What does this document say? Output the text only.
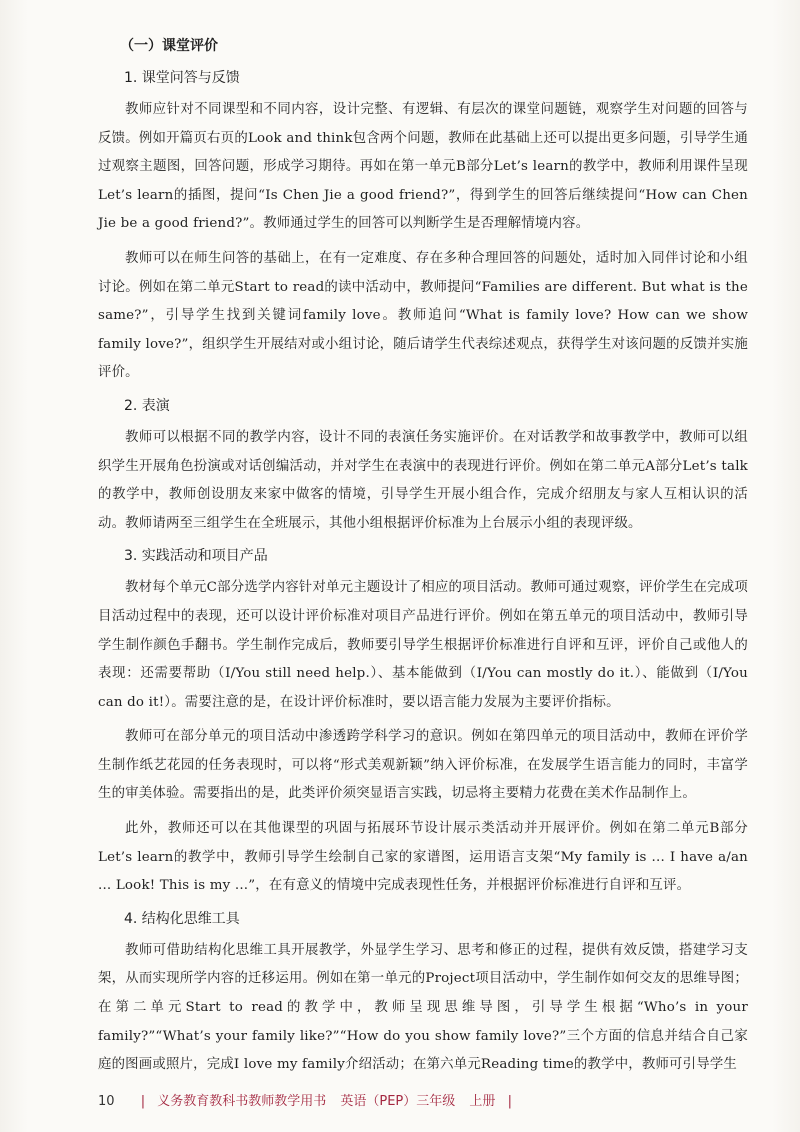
（一）课堂评价
1. 课堂问答与反馈

教师应针对不同课型和不同内容，设计完整、有逻辑、有层次的课堂问题链，观察学生对问题的回答与反馈。例如开篇页右页的Look and think包含两个问题，教师在此基础上还可以提出更多问题，引导学生通过观察主题图，回答问题，形成学习期待。再如在第一单元B部分Let’s learn的教学中，教师利用课件呈现Let’s learn的插图，提问“Is Chen Jie a good friend?”，得到学生的回答后继续提问“How can Chen Jie be a good friend?”。教师通过学生的回答可以判断学生是否理解情境内容。

教师可以在师生问答的基础上，在有一定难度、存在多种合理回答的问题处，适时加入同伴讨论和小组讨论。例如在第二单元Start to read的读中活动中，教师提问“Families are different. But what is the same?”，引导学生找到关键词family love。教师追问“What is family love? How can we show family love?”，组织学生开展结对或小组讨论，随后请学生代表综述观点，获得学生对该问题的反馈并实施评价。

2. 表演

教师可以根据不同的教学内容，设计不同的表演任务实施评价。在对话教学和故事教学中，教师可以组织学生开展角色扮演或对话创编活动，并对学生在表演中的表现进行评价。例如在第二单元A部分Let’s talk的教学中，教师创设朋友来家中做客的情境，引导学生开展小组合作，完成介绍朋友与家人互相认识的活动。教师请两至三组学生在全班展示，其他小组根据评价标准为上台展示小组的表现评级。

3. 实践活动和项目产品

教材每个单元C部分选学内容针对单元主题设计了相应的项目活动。教师可通过观察，评价学生在完成项目活动过程中的表现，还可以设计评价标准对项目产品进行评价。例如在第五单元的项目活动中，教师引导学生制作颜色手翻书。学生制作完成后，教师要引导学生根据评价标准进行自评和互评，评价自己或他人的表现：还需要帮助（I/You still need help.）、基本能做到（I/You can mostly do it.）、能做到（I/You can do it!）。需要注意的是，在设计评价标准时，要以语言能力发展为主要评价指标。

教师可在部分单元的项目活动中渗透跨学科学习的意识。例如在第四单元的项目活动中，教师在评价学生制作纸艺花园的任务表现时，可以将“形式美观新颖”纳入评价标准，在发展学生语言能力的同时，丰富学生的审美体验。需要指出的是，此类评价须突显语言实践，切忌将主要精力花费在美术作品制作上。

此外，教师还可以在其他课型的巩固与拓展环节设计展示类活动并开展评价。例如在第二单元B部分Let’s learn的教学中，教师引导学生绘制自己家的家谱图，运用语言支架“My family is ... I have a/an ... Look! This is my ...”，在有意义的情境中完成表现性任务，并根据评价标准进行自评和互评。

4. 结构化思维工具

教师可借助结构化思维工具开展教学，外显学生学习、思考和修正的过程，提供有效反馈，搭建学习支架，从而实现所学内容的迁移运用。例如在第一单元的Project项目活动中，学生制作如何交友的思维导图；在第二单元Start to read的教学中，教师呈现思维导图，引导学生根据“Who’s in your family?”“What’s your family like?”“How do you show family love?”三个方面的信息并结合自己家庭的图画或照片，完成I love my family介绍活动；在第六单元Reading time的教学中，教师可引导学生

10 | 义务教育教科书教师教学用书 英语（PEP）三年级 上册 |
